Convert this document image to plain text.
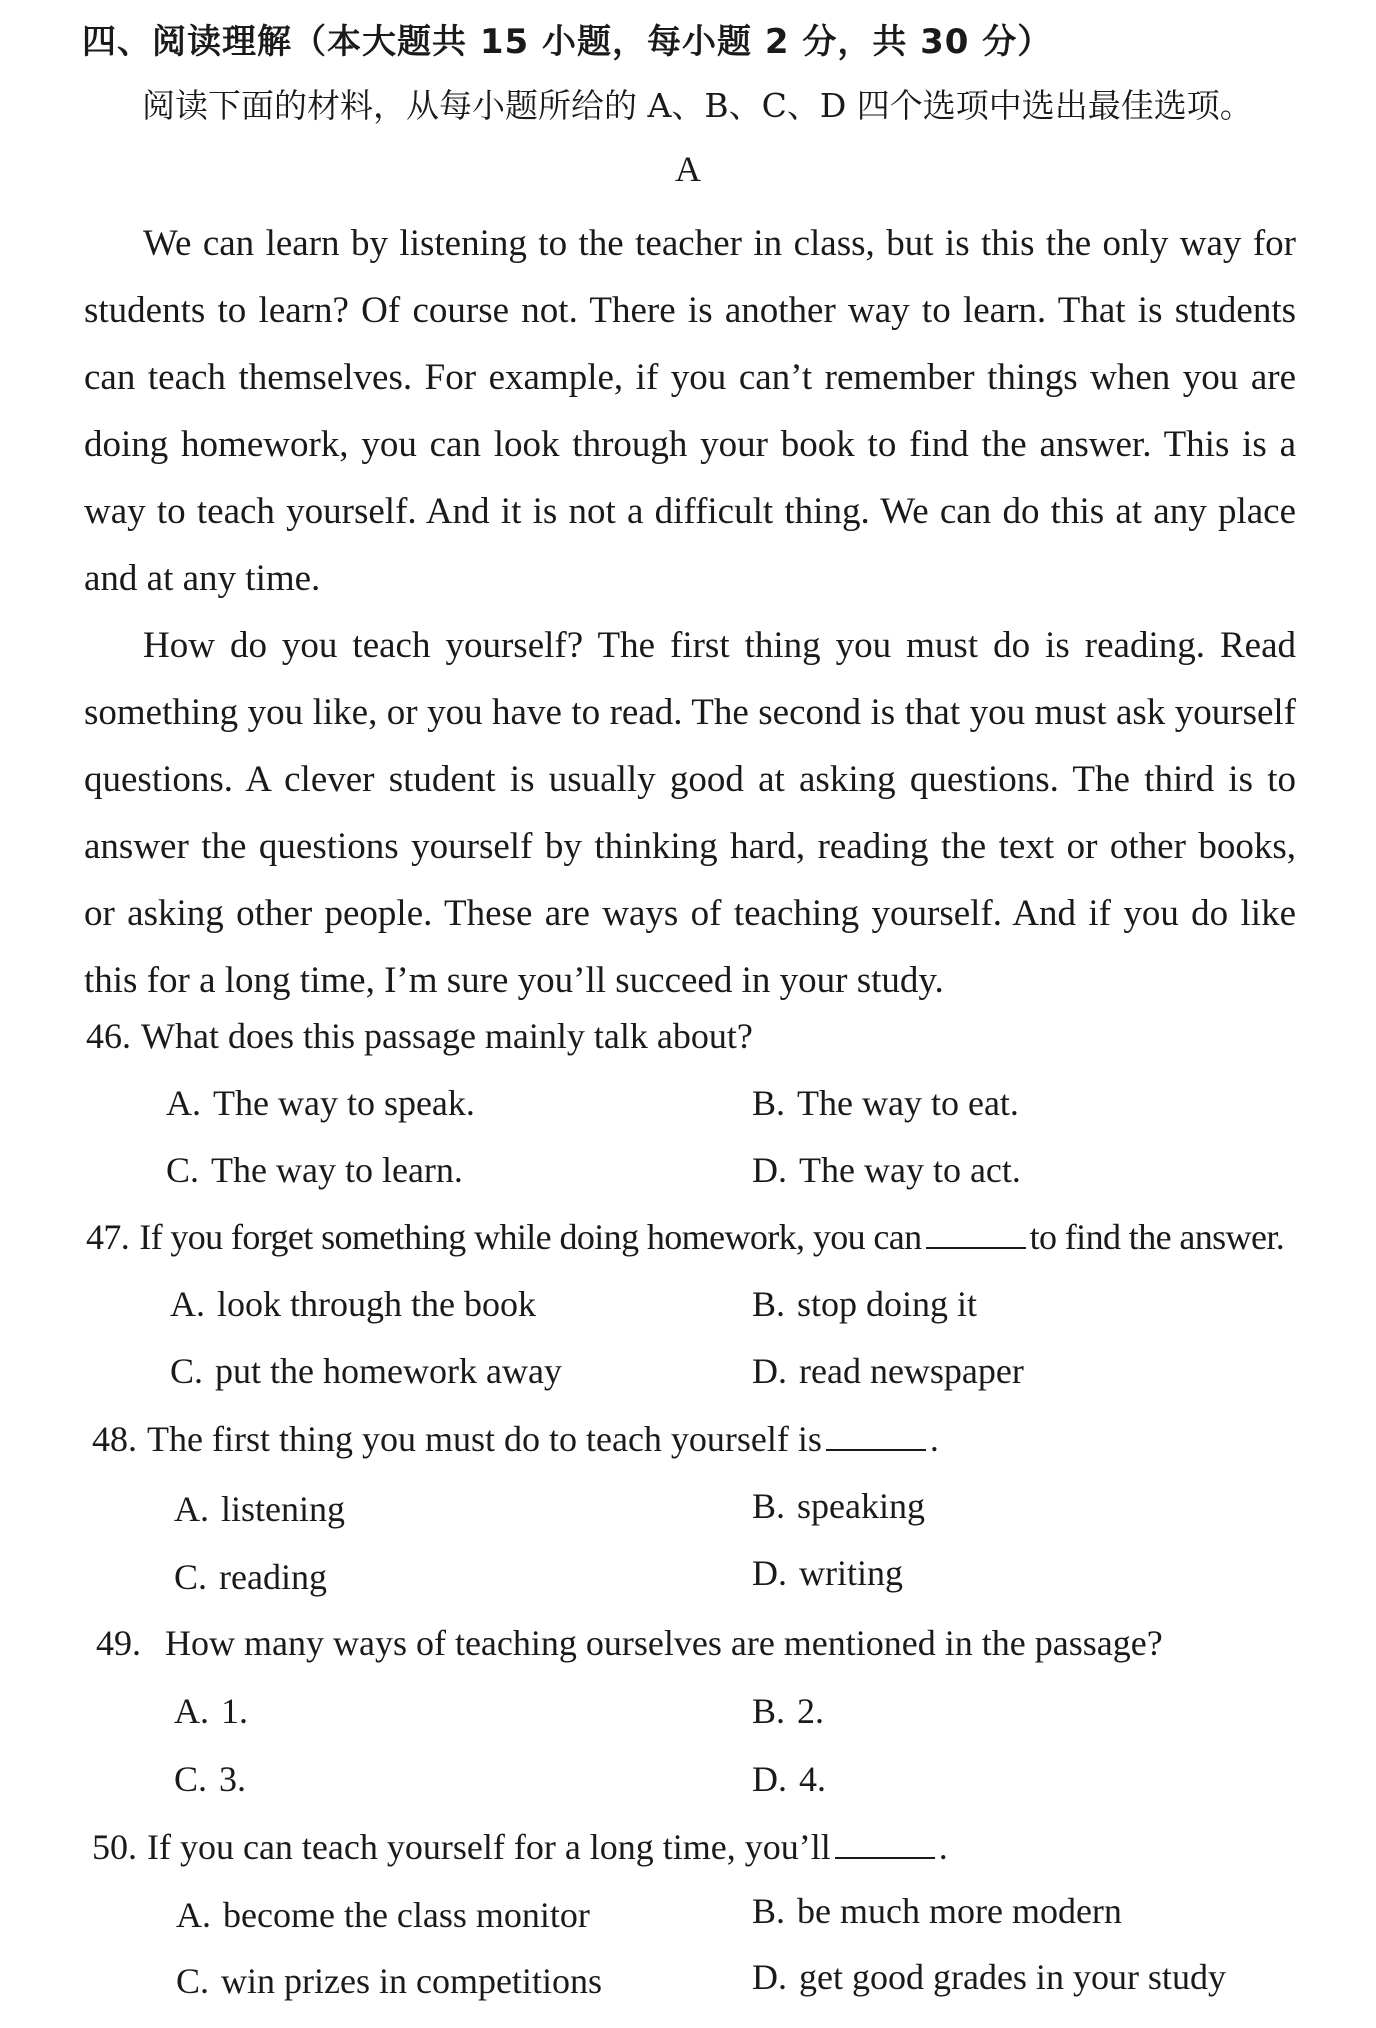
四、阅读理解（本大题共 15 小题，每小题 2 分，共 30 分）
阅读下面的材料，从每小题所给的 A、B、C、D 四个选项中选出最佳选项。
A

We can learn by listening to the teacher in class, but is this the only way for students to learn? Of course not. There is another way to learn. That is students can teach themselves. For example, if you can’t remember things when you are doing homework, you can look through your book to find the answer. This is a way to teach yourself. And it is not a difficult thing. We can do this at any place and at any time.

How do you teach yourself? The first thing you must do is reading. Read something you like, or you have to read. The second is that you must ask yourself questions. A clever student is usually good at asking questions. The third is to answer the questions yourself by thinking hard, reading the text or other books, or asking other people. These are ways of teaching yourself. And if you do like this for a long time, I’m sure you’ll succeed in your study.

46. What does this passage mainly talk about?
A. The way to speak.	B. The way to eat.
C. The way to learn.	D. The way to act.
47. If you forget something while doing homework, you can	to find the answer.
A. look through the book	B. stop doing it
C. put the homework away	D. read newspaper
48. The first thing you must do to teach yourself is	.
A. listening	B. speaking
C. reading	D. writing
49. How many ways of teaching ourselves are mentioned in the passage?
A. 1.	B. 2.
C. 3.	D. 4.
50. If you can teach yourself for a long time, you’ll	.
A. become the class monitor	B. be much more modern
C. win prizes in competitions	D. get good grades in your study
